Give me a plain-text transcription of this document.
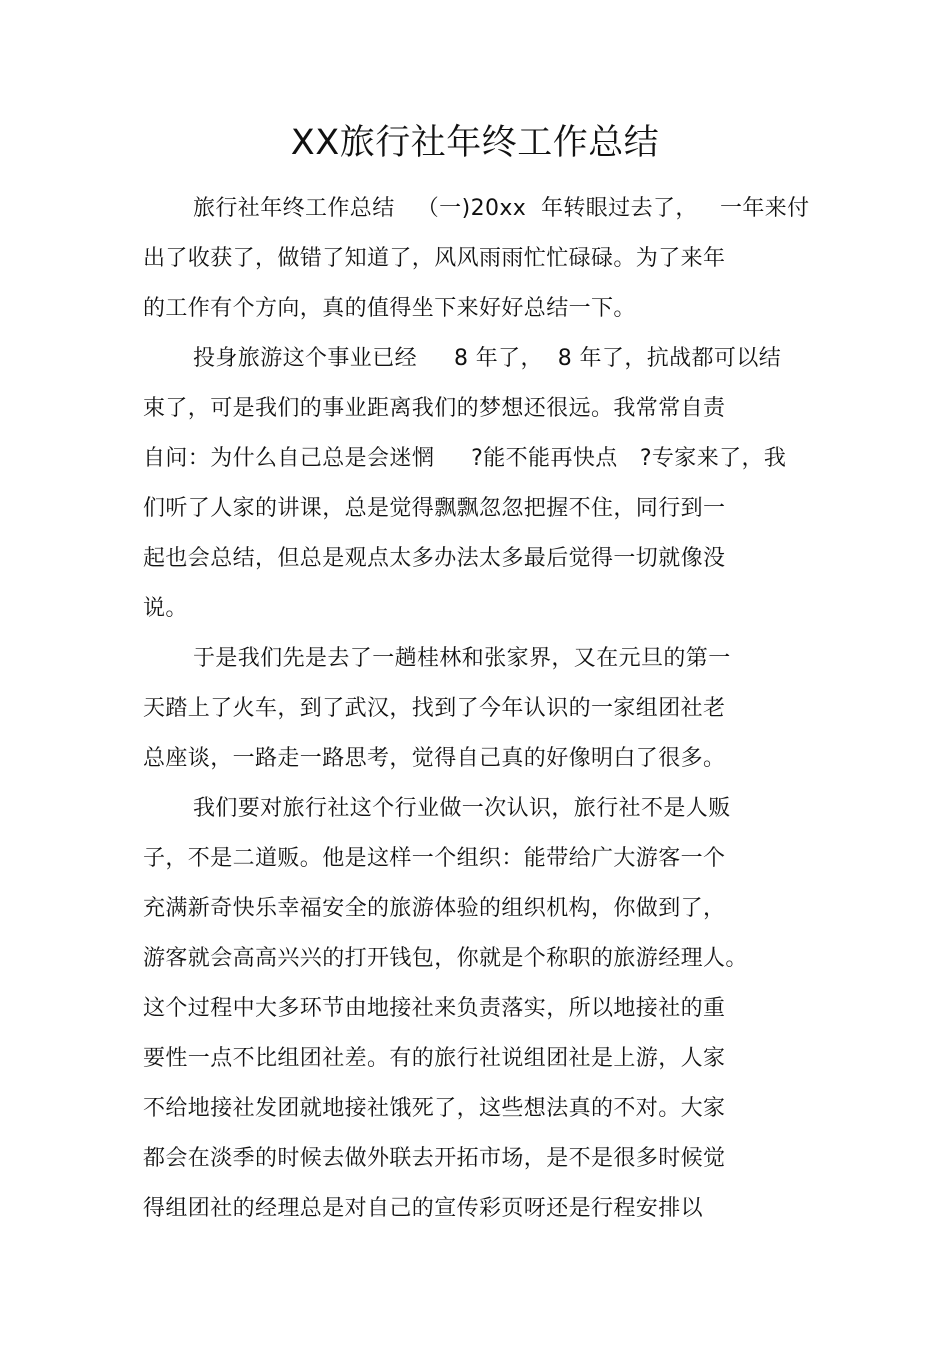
XX旅行社年终工作总结
旅行社年终工作总结   （一)20xx  年转眼过去了，   一年来付
出了收获了，做错了知道了，风风雨雨忙忙碌碌。为了来年
的工作有个方向，真的值得坐下来好好总结一下。
投身旅游这个事业已经     8 年了，  8 年了，抗战都可以结
束了，可是我们的事业距离我们的梦想还很远。我常常自责
自问：为什么自己总是会迷惘     ?能不能再快点   ?专家来了，我
们听了人家的讲课，总是觉得飘飘忽忽把握不住，同行到一
起也会总结，但总是观点太多办法太多最后觉得一切就像没
说。
于是我们先是去了一趟桂林和张家界，又在元旦的第一
天踏上了火车，到了武汉，找到了今年认识的一家组团社老
总座谈，一路走一路思考，觉得自己真的好像明白了很多。
我们要对旅行社这个行业做一次认识，旅行社不是人贩
子，不是二道贩。他是这样一个组织：能带给广大游客一个
充满新奇快乐幸福安全的旅游体验的组织机构，你做到了，
游客就会高高兴兴的打开钱包，你就是个称职的旅游经理人。
这个过程中大多环节由地接社来负责落实，所以地接社的重
要性一点不比组团社差。有的旅行社说组团社是上游，人家
不给地接社发团就地接社饿死了，这些想法真的不对。大家
都会在淡季的时候去做外联去开拓市场，是不是很多时候觉
得组团社的经理总是对自己的宣传彩页呀还是行程安排以
